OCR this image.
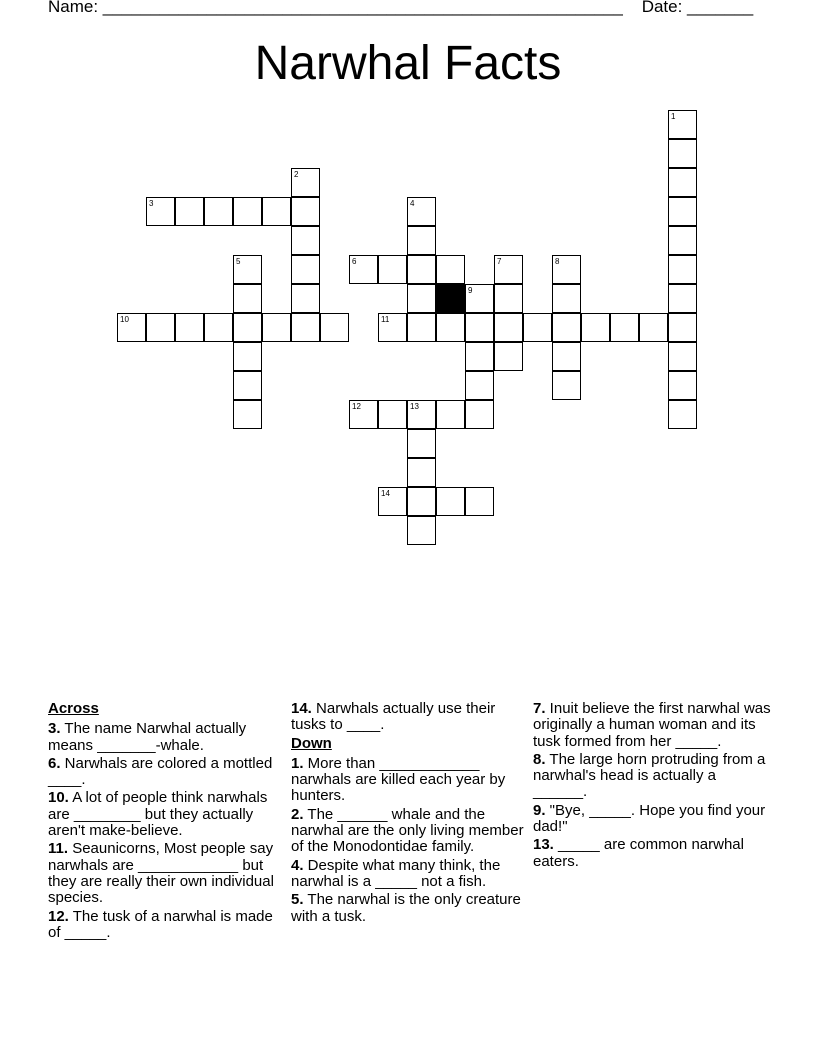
Name: _______________________________________________________ Date: _______
Narwhal Facts
1
2
3	4
5	6	7	8
9
10	11
12	13
14
Across
3. The name Narwhal actually means _______-whale.
6. Narwhals are colored a mottled ____.
10. A lot of people think narwhals are ________ but they actually aren't make-believe.
11. Seaunicorns, Most people say narwhals are ____________ but they are really their own individual species.
12. The tusk of a narwhal is made of _____.
14. Narwhals actually use their tusks to ____.
Down
1. More than ____________ narwhals are killed each year by hunters.
2. The ______ whale and the narwhal are the only living member of the Monodontidae family.
4. Despite what many think, the narwhal is a _____ not a fish.
5. The narwhal is the only creature with a tusk.
7. Inuit believe the first narwhal was originally a human woman and its tusk formed from her _____.
8. The large horn protruding from a narwhal's head is actually a ______.
9. "Bye, _____. Hope you find your dad!"
13. _____ are common narwhal eaters.
